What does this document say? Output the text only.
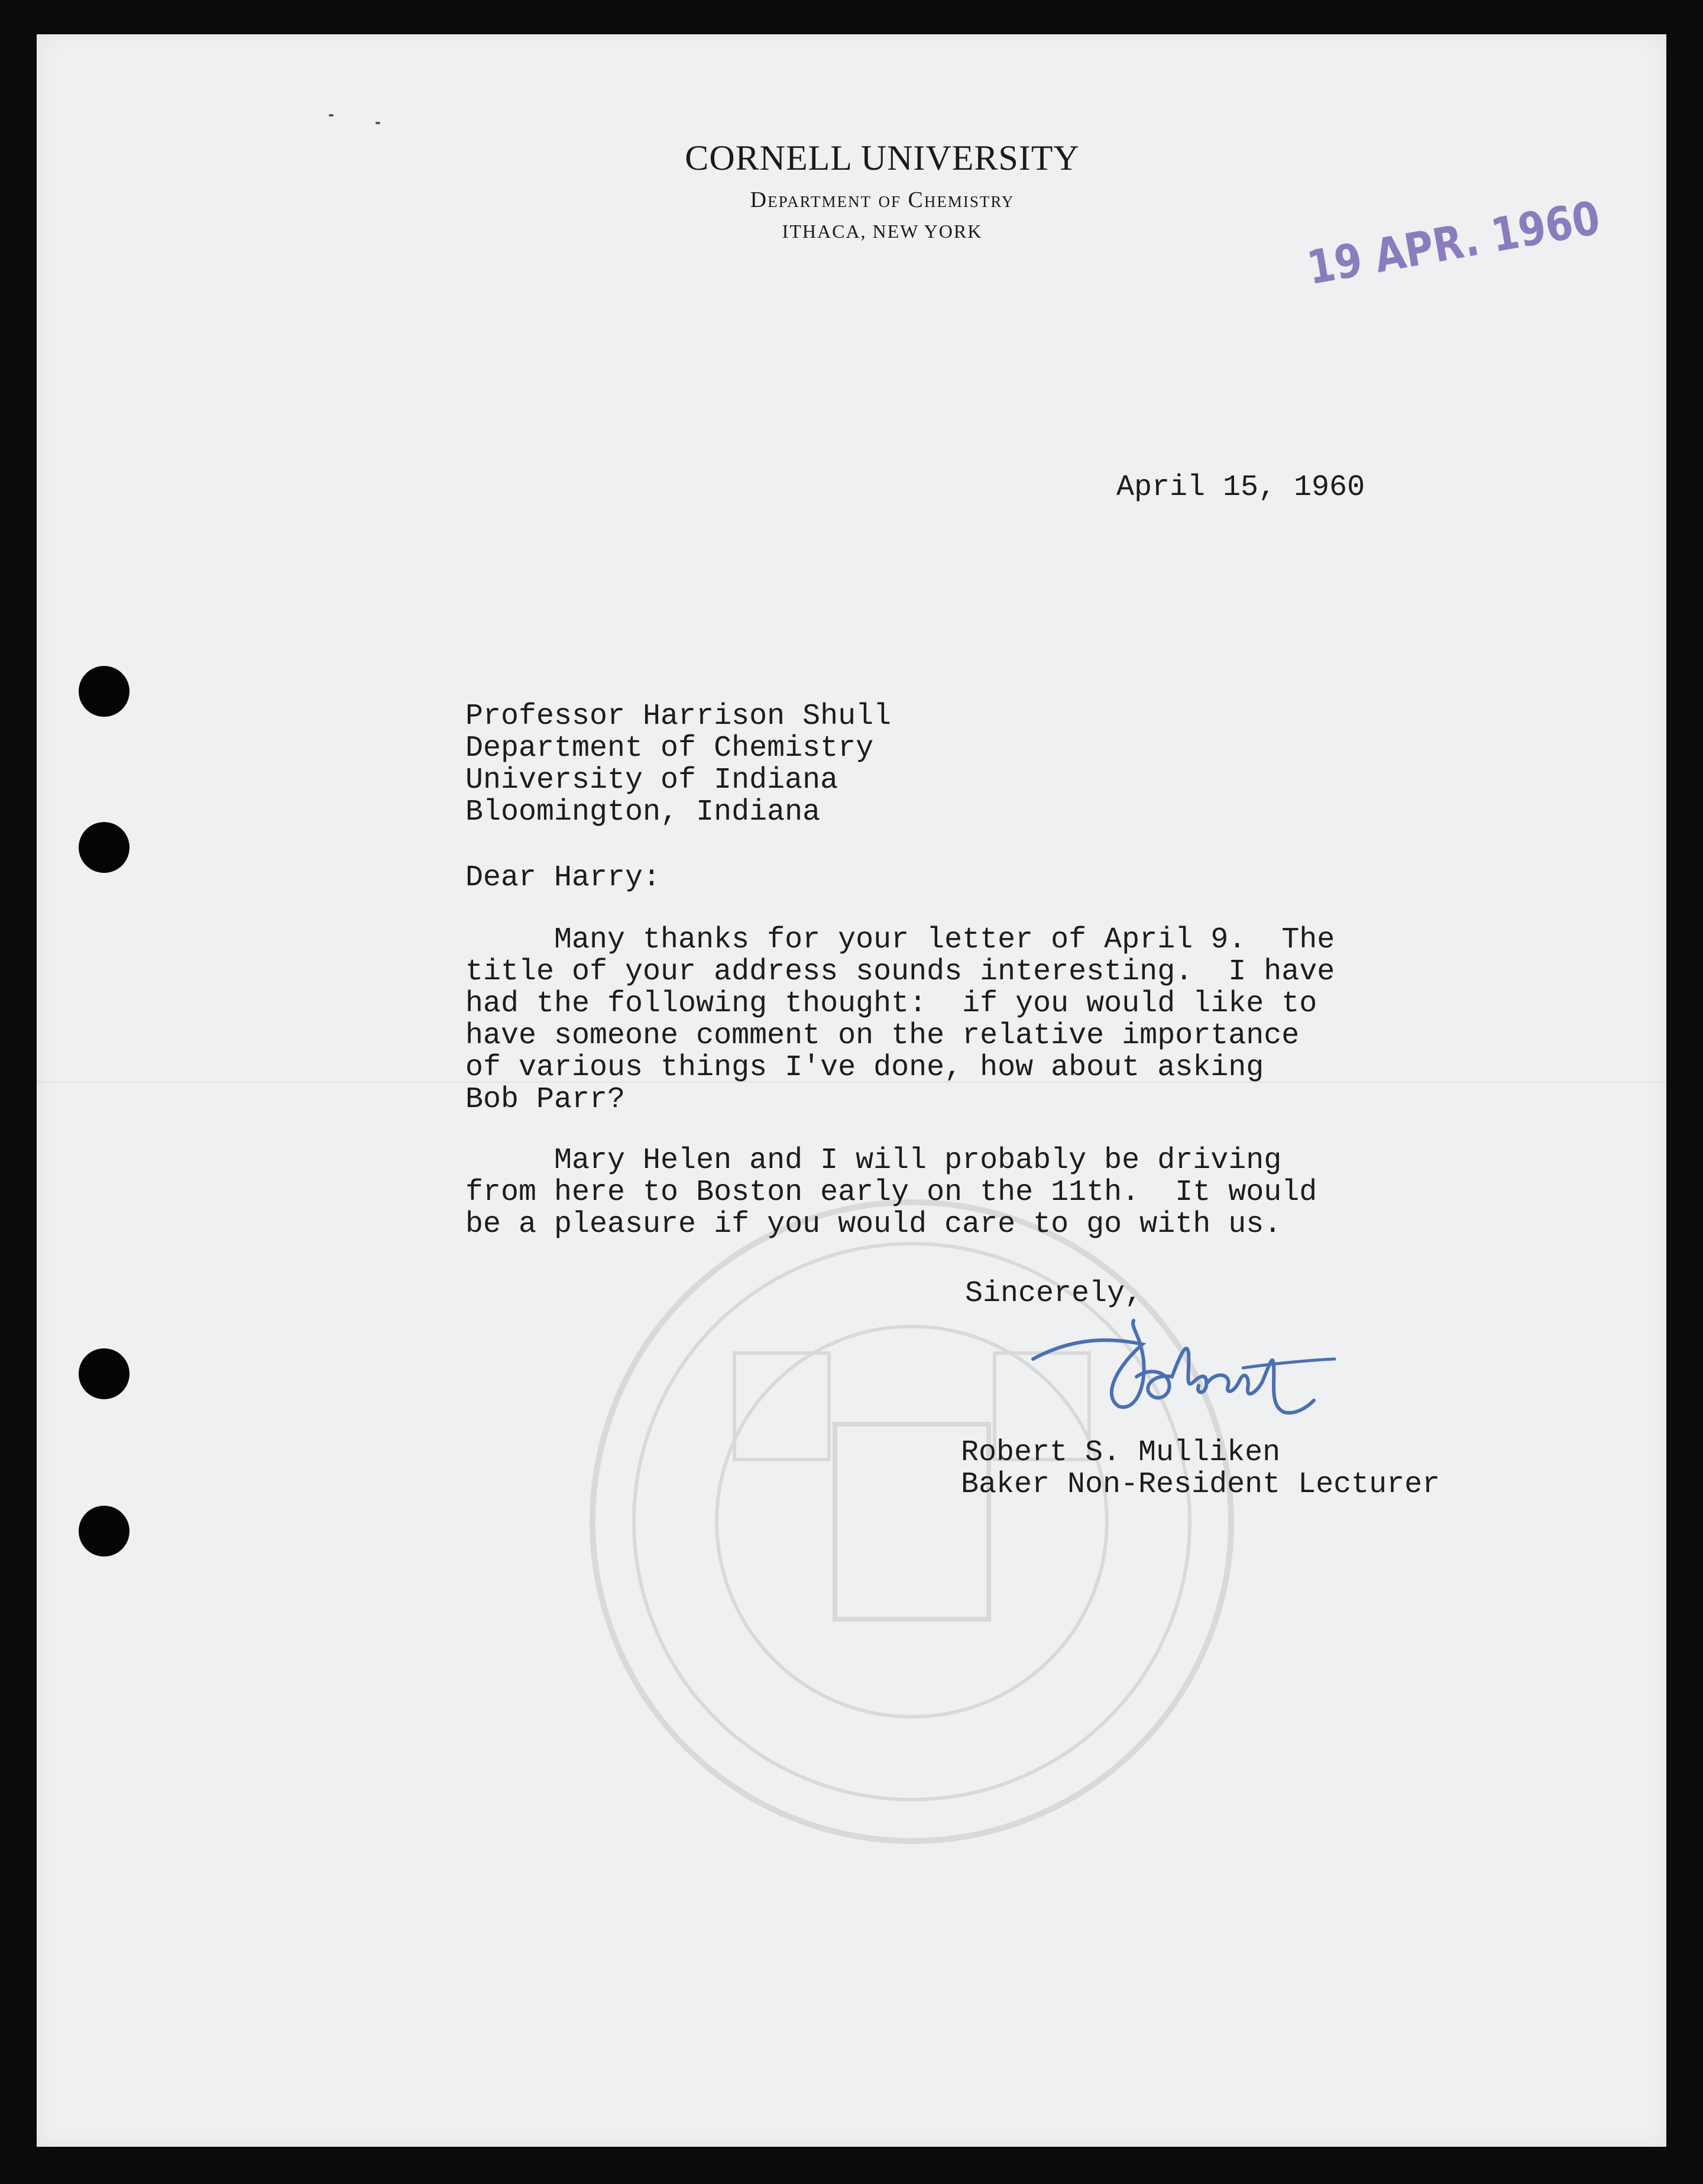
CORNELL UNIVERSITY
Department of Chemistry
ITHACA, NEW YORK	19 APR. 1960
April 15, 1960
Professor Harrison Shull
Department of Chemistry
University of Indiana
Bloomington, Indiana
Dear Harry:
Many thanks for your letter of April 9.  The
title of your address sounds interesting.  I have
had the following thought:  if you would like to
have someone comment on the relative importance
of various things I've done, how about asking
Bob Parr?
Mary Helen and I will probably be driving
from here to Boston early on the 11th.  It would
be a pleasure if you would care to go with us.
Sincerely,
Robert S. Mulliken
Baker Non-Resident Lecturer
